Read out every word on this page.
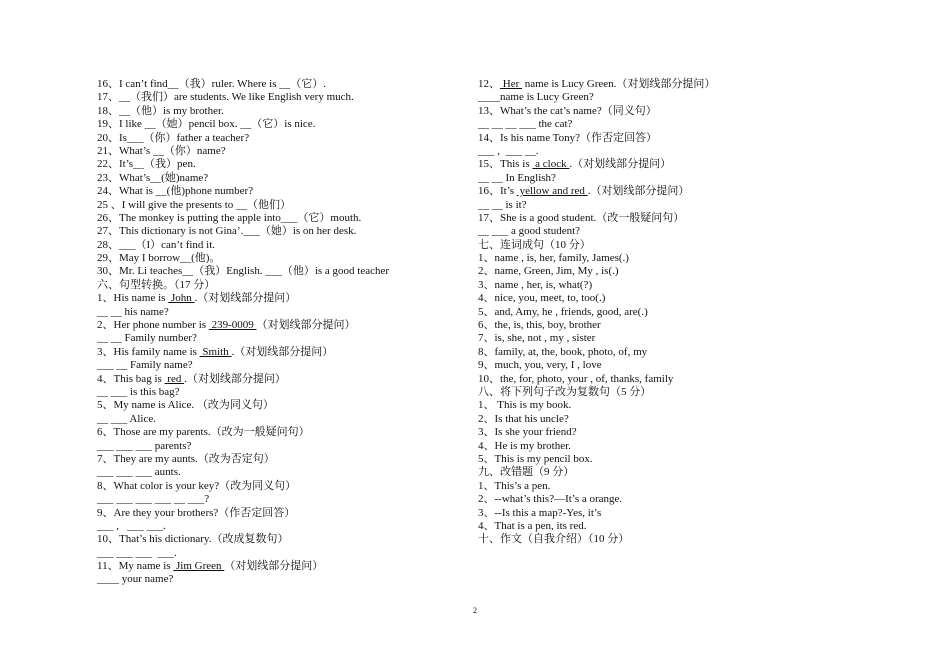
16、I can’t find__（我）ruler. Where is __（它）.
17、__（我们）are students. We like English very much.
18、__（他）is my brother.
19、I like __（她）pencil box. __（它）is nice.
20、Is___（你）father a teacher?
21、What’s __（你）name?
22、It’s__（我）pen.
23、What’s__(她)name?
24、What is __(他)phone number?
25 、I will give the presents to __（他们）
26、The monkey is putting the apple into___（它）mouth.
27、This dictionary is not Gina’.___（她）is on her desk.
28、___（I）can’t find it.
29、May I borrow__(他)。
30、Mr. Li teaches__（我）English. ___（他）is a good teacher
六、句型转换。（17 分）
1、His name is  John .（对划线部分提问）
__ __ his name?
2、Her phone number is  239-0009 （对划线部分提问）
__ __ Family number?
3、His family name is  Smith .（对划线部分提问）
___ __ Family name?
4、This bag is  red .（对划线部分提问）
__ ___ is this bag?
5、My name is Alice. （改为同义句）
__ ___ Alice.
6、Those are my parents.（改为一般疑问句）
___ ___ ___ parents?
7、They are my aunts.（改为否定句）
___ ___ ___ aunts.
8、What color is your key?（改为同义句）
___ ___ ___ ___ __ ___?
9、Are they your brothers?（作否定回答）
___ ,   ___ ___.
10、That’s his dictionary.（改成复数句）
___ ___ ___  ___.
11、My name is  Jim Green （对划线部分提问）
____ your name?
12、 Her  name is Lucy Green.（对划线部分提问）
____name is Lucy Green?
13、What’s the cat’s name?（同义句）
__ __ __ ___ the cat?
14、Is his name Tony?（作否定回答）
___ ,  ___ __.
15、This is  a clock .（对划线部分提问）
__ __ In English?
16、It’s  yellow and red .（对划线部分提问）
__ __ is it?
17、She is a good student.（改一般疑问句）
__ ___ a good student?
七、连词成句（10 分）
1、name , is, her, family, James(.)
2、name, Green, Jim, My , is(.)
3、name , her, is, what(?)
4、nice, you, meet, to, too(.)
5、and, Amy, he , friends, good, are(.)
6、the, is, this, boy, brother
7、is, she, not , my , sister
8、family, at, the, book, photo, of, my
9、much, you, very, I , love
10、the, for, photo, your , of, thanks, family
八、将下列句子改为复数句（5 分）
1、 This is my book.
2、Is that his uncle?
3、Is she your friend?
4、He is my brother.
5、This is my pencil box.
九、改错题（9 分）
1、This’s a pen.
2、--what’s this?—It’s a orange.
3、--Is this a map?-Yes, it’s
4、That is a pen, its red.
十、作文（自我介绍）（10 分）
2
